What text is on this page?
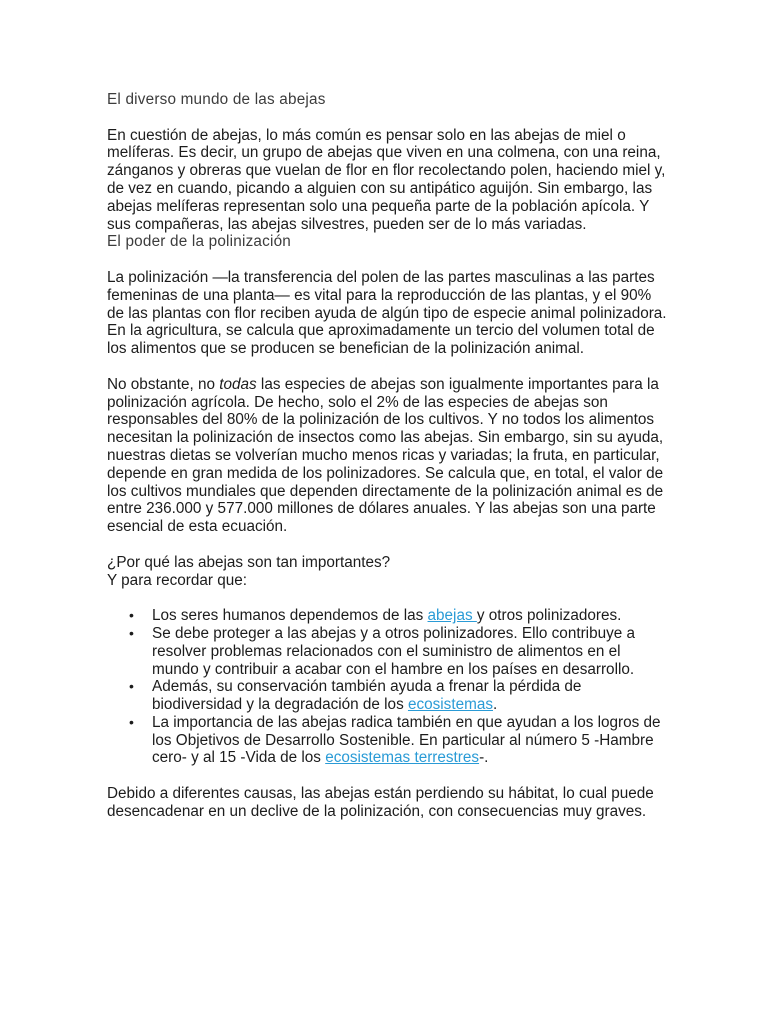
El diverso mundo de las abejas

En cuestión de abejas, lo más común es pensar solo en las abejas de miel o melíferas. Es decir, un grupo de abejas que viven en una colmena, con una reina, zánganos y obreras que vuelan de flor en flor recolectando polen, haciendo miel y, de vez en cuando, picando a alguien con su antipático aguijón. Sin embargo, las abejas melíferas representan solo una pequeña parte de la población apícola. Y sus compañeras, las abejas silvestres, pueden ser de lo más variadas.

El poder de la polinización

La polinización —la transferencia del polen de las partes masculinas a las partes femeninas de una planta— es vital para la reproducción de las plantas, y el 90% de las plantas con flor reciben ayuda de algún tipo de especie animal polinizadora. En la agricultura, se calcula que aproximadamente un tercio del volumen total de los alimentos que se producen se benefician de la polinización animal.

No obstante, no todas las especies de abejas son igualmente importantes para la polinización agrícola. De hecho, solo el 2% de las especies de abejas son responsables del 80% de la polinización de los cultivos. Y no todos los alimentos necesitan la polinización de insectos como las abejas. Sin embargo, sin su ayuda, nuestras dietas se volverían mucho menos ricas y variadas; la fruta, en particular, depende en gran medida de los polinizadores. Se calcula que, en total, el valor de los cultivos mundiales que dependen directamente de la polinización animal es de entre 236.000 y 577.000 millones de dólares anuales. Y las abejas son una parte esencial de esta ecuación.

¿Por qué las abejas son tan importantes?

Y para recordar que:

• Los seres humanos dependemos de las abejas y otros polinizadores.
• Se debe proteger a las abejas y a otros polinizadores. Ello contribuye a resolver problemas relacionados con el suministro de alimentos en el mundo y contribuir a acabar con el hambre en los países en desarrollo.
• Además, su conservación también ayuda a frenar la pérdida de biodiversidad y la degradación de los ecosistemas.
• La importancia de las abejas radica también en que ayudan a los logros de los Objetivos de Desarrollo Sostenible. En particular al número 5 -Hambre cero- y al 15 -Vida de los ecosistemas terrestres-.

Debido a diferentes causas, las abejas están perdiendo su hábitat, lo cual puede desencadenar en un declive de la polinización, con consecuencias muy graves.
